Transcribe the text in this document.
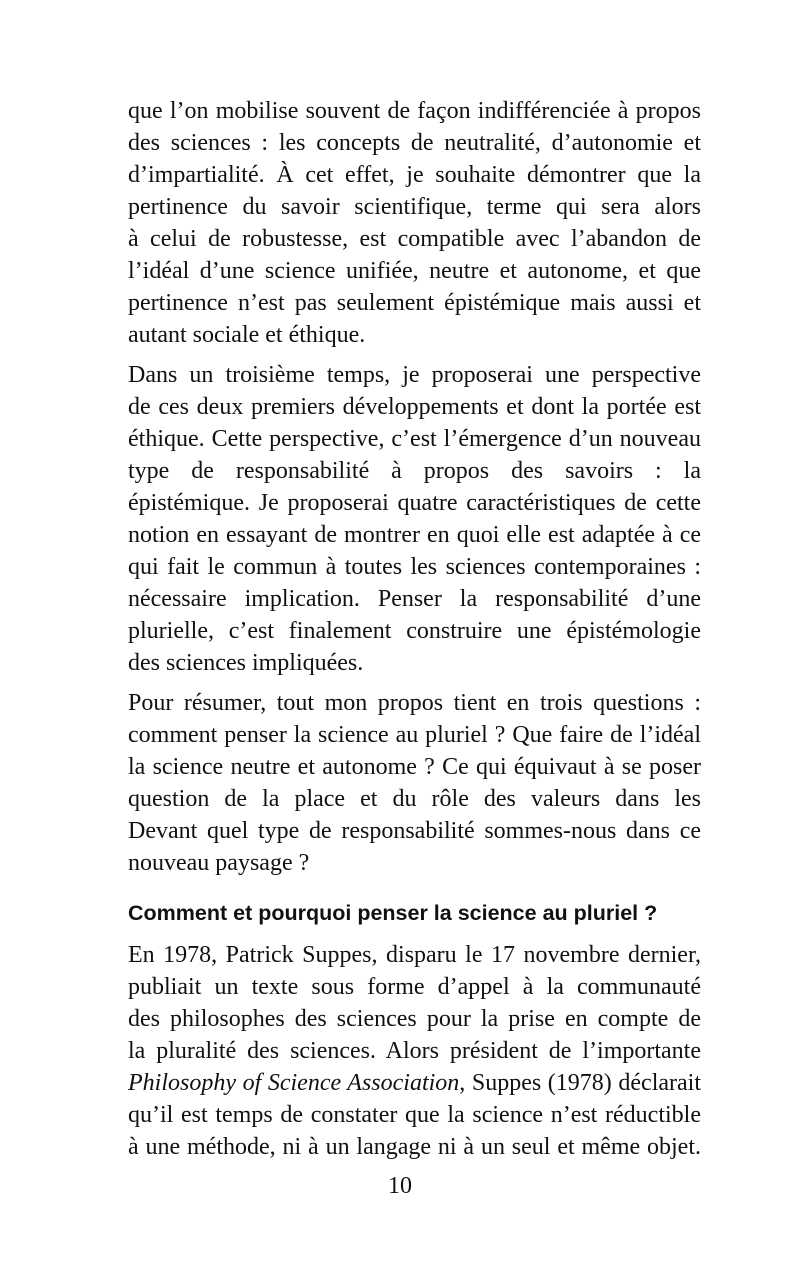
que l’on mobilise souvent de façon indifférenciée à propos
des sciences : les concepts de neutralité, d’autonomie et
d’impartialité. À cet effet, je souhaite démontrer que la
pertinence du savoir scientifique, terme qui sera alors
à celui de robustesse, est compatible avec l’abandon de
l’idéal d’une science unifiée, neutre et autonome, et que
pertinence n’est pas seulement épistémique mais aussi et
autant sociale et éthique.
Dans un troisième temps, je proposerai une perspective
de ces deux premiers développements et dont la portée est
éthique. Cette perspective, c’est l’émergence d’un nouveau
type de responsabilité à propos des savoirs : la
épistémique. Je proposerai quatre caractéristiques de cette
notion en essayant de montrer en quoi elle est adaptée à ce
qui fait le commun à toutes les sciences contemporaines :
nécessaire implication. Penser la responsabilité d’une
plurielle, c’est finalement construire une épistémologie
des sciences impliquées.
Pour résumer, tout mon propos tient en trois questions :
comment penser la science au pluriel ? Que faire de l’idéal
la science neutre et autonome ? Ce qui équivaut à se poser
question de la place et du rôle des valeurs dans les
Devant quel type de responsabilité sommes-nous dans ce
nouveau paysage ?
Comment et pourquoi penser la science au pluriel ?
En 1978, Patrick Suppes, disparu le 17 novembre dernier,
publiait un texte sous forme d’appel à la communauté
des philosophes des sciences pour la prise en compte de
la pluralité des sciences. Alors président de l’importante
Philosophy of Science Association, Suppes (1978) déclarait
qu’il est temps de constater que la science n’est réductible
à une méthode, ni à un langage ni à un seul et même objet.
10
